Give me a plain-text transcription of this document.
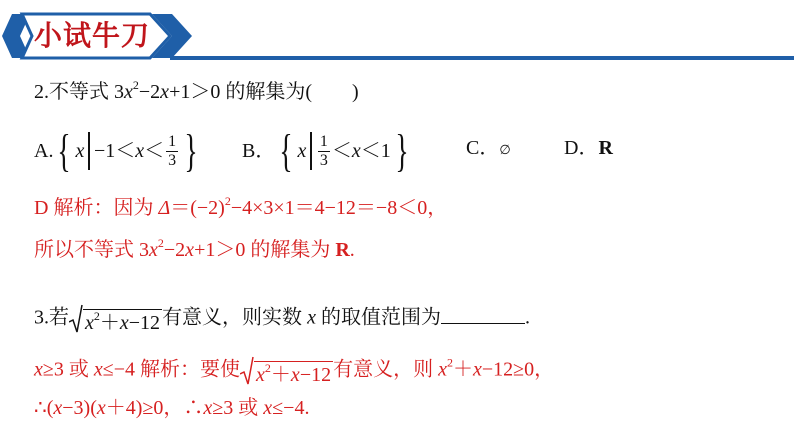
小试牛刀
2.不等式 $3x^2-2x+1>0$ 的解集为(　　)
A. { $x -1< x < \frac{1}{3}$ } B． { x $\frac{1}{3} < x <1$ }	C．∅	D．R
D 解析：因为 $\Delta=(-2)^2-4\times 3\times 1=4-12=-8<0$，
所以不等式 $3x^2-2x+1>0$ 的解集为 R.
3.若 $x^2+x-12$ 有意义，则实数 x 的取值范围为	.
x≥3 或 x≤−4 解析：要使 $x^2+x-12$ 有意义，则 $x^2+x-12\ge 0$，
∴(x−3)(x＋4)≥0，∴x≥3 或 x≤−4.
